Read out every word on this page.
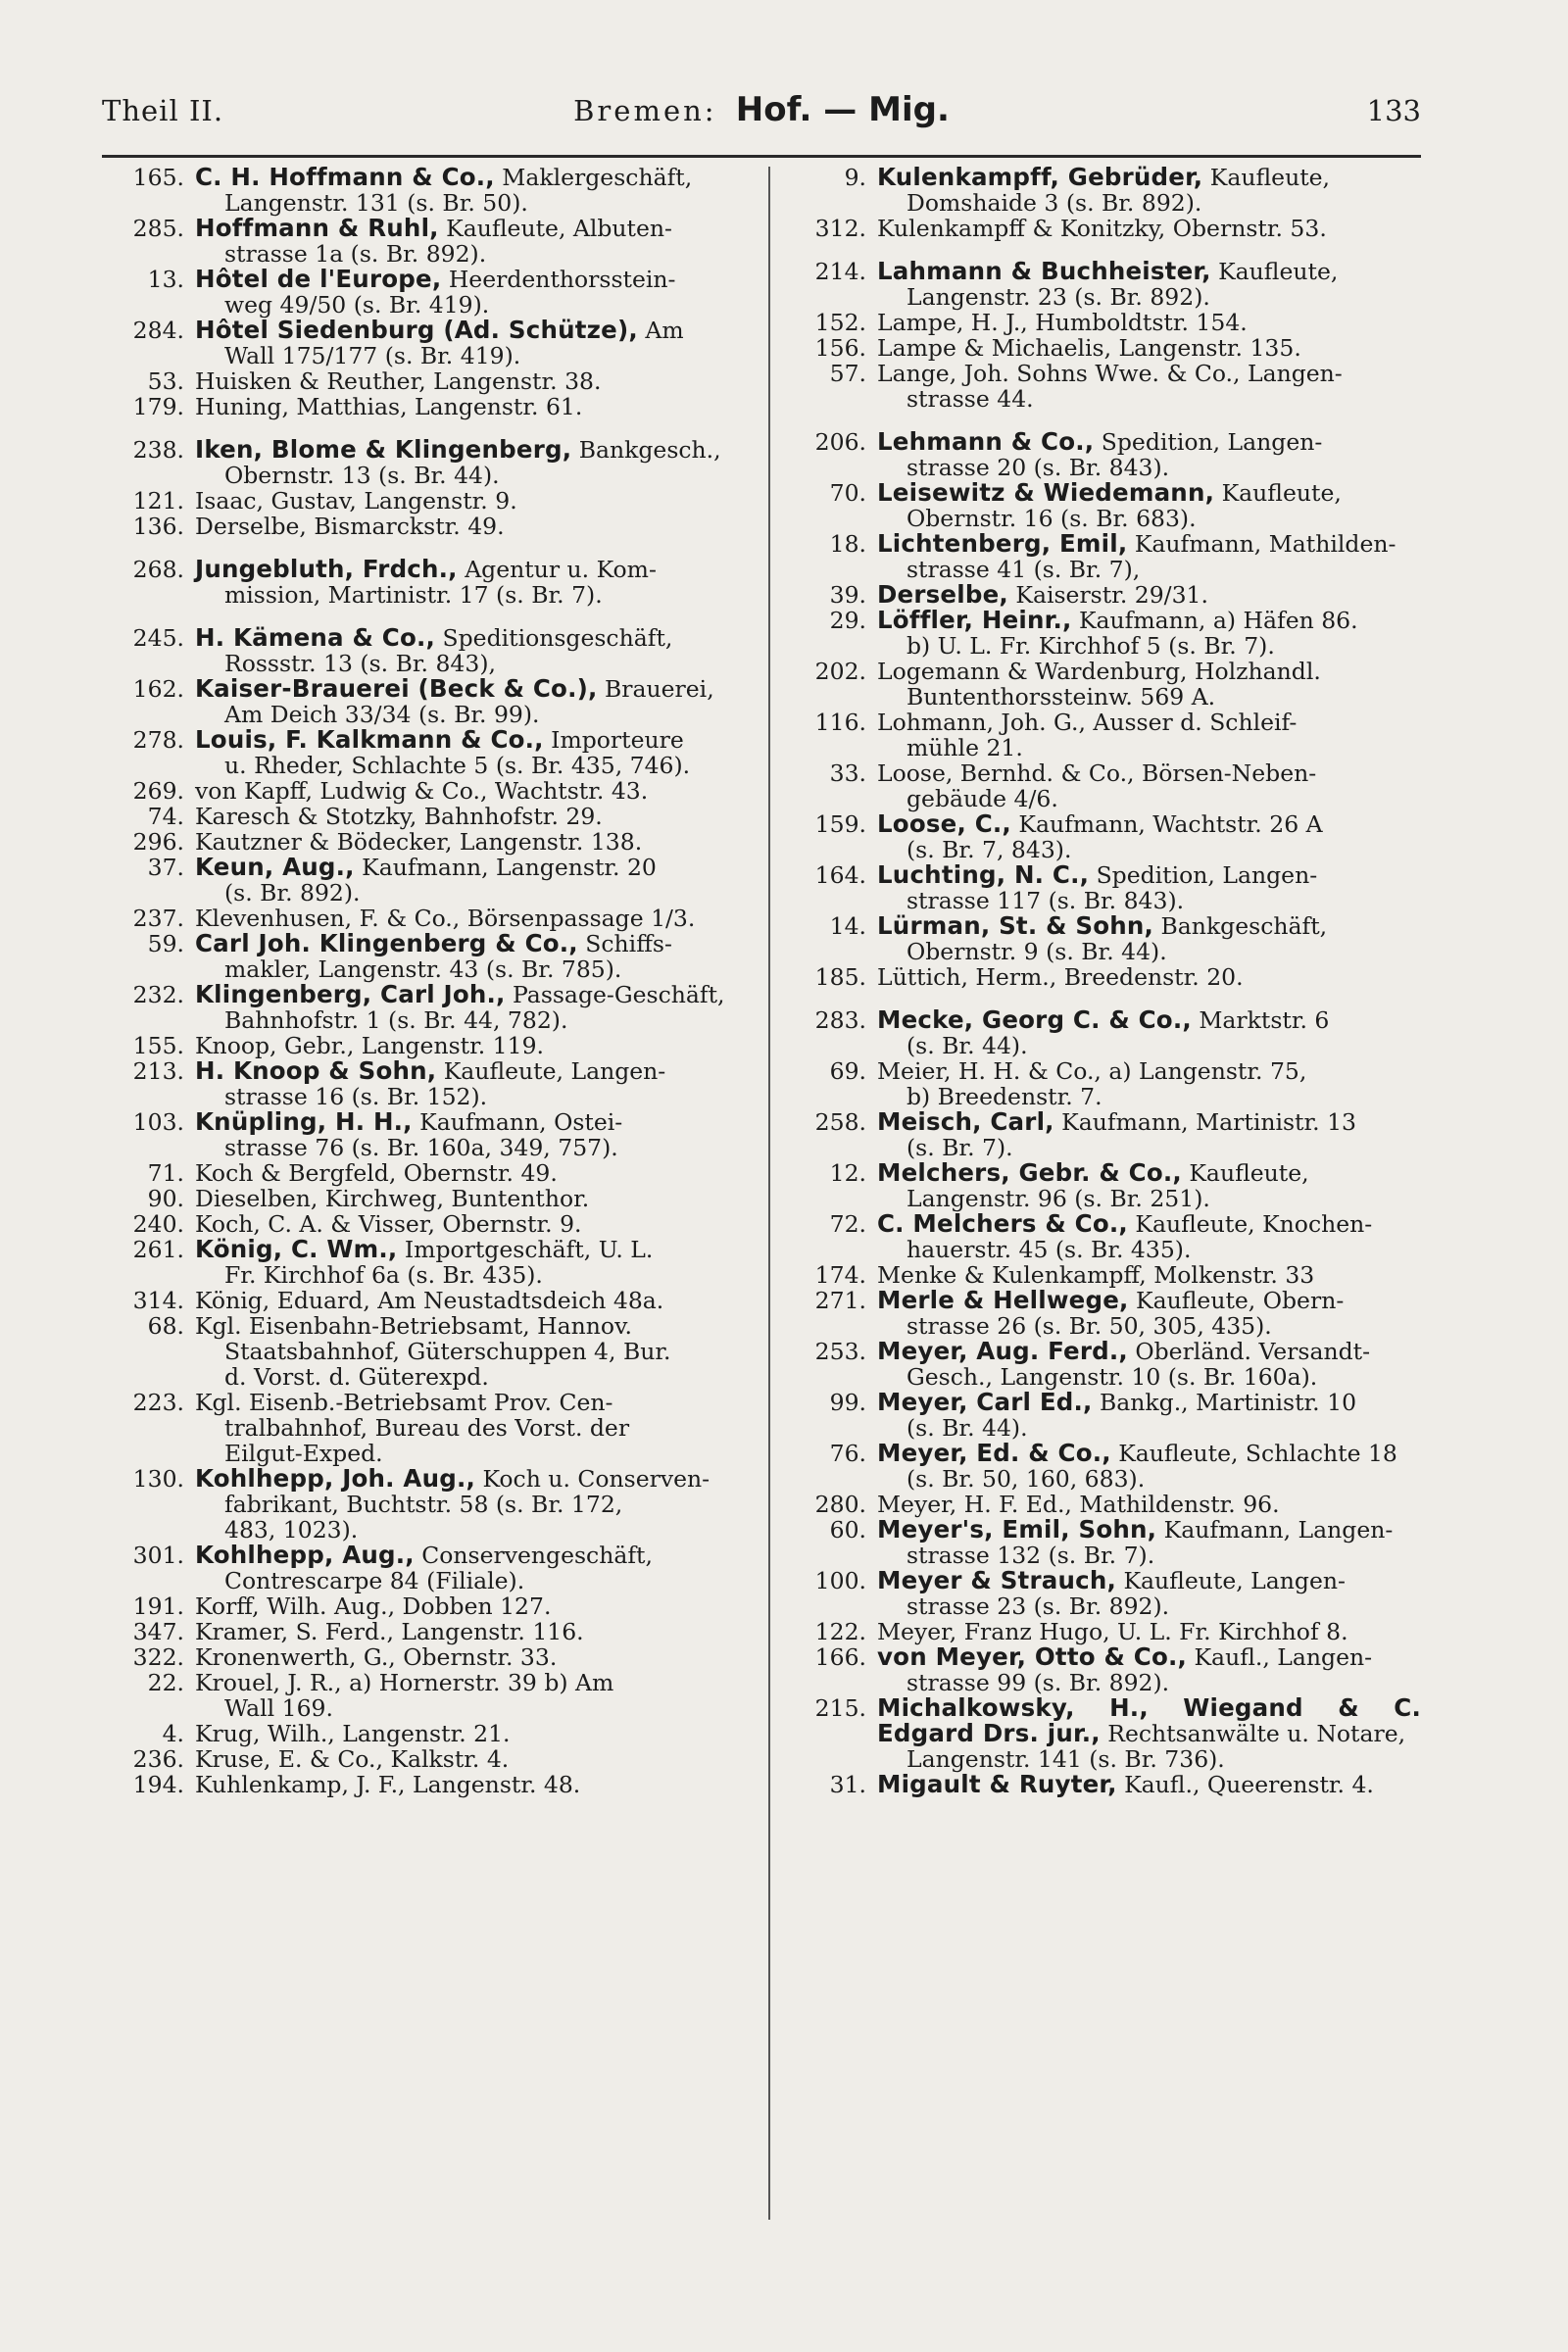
Theil II.	Bremen: Hof. — Mig.	133
165. C. H. Hoffmann & Co., Maklergeschäft,
Langenstr. 131 (s. Br. 50).
285. Hoffmann & Ruhl, Kaufleute, Albuten-
strasse 1a (s. Br. 892).
13. Hôtel de l'Europe, Heerdenthorsstein-
weg 49/50 (s. Br. 419).
284. Hôtel Siedenburg (Ad. Schütze), Am
Wall 175/177 (s. Br. 419).
53. Huisken & Reuther, Langenstr. 38.
179. Huning, Matthias, Langenstr. 61.
238. Iken, Blome & Klingenberg, Bankgesch.,
Obernstr. 13 (s. Br. 44).
121. Isaac, Gustav, Langenstr. 9.
136. Derselbe, Bismarckstr. 49.
268. Jungebluth, Frdch., Agentur u. Kom-
mission, Martinistr. 17 (s. Br. 7).
245. H. Kämena & Co., Speditionsgeschäft,
Rossstr. 13 (s. Br. 843),
162. Kaiser-Brauerei (Beck & Co.), Brauerei,
Am Deich 33/34 (s. Br. 99).
278. Louis, F. Kalkmann & Co., Importeure
u. Rheder, Schlachte 5 (s. Br. 435, 746).
269. von Kapff, Ludwig & Co., Wachtstr. 43.
74. Karesch & Stotzky, Bahnhofstr. 29.
296. Kautzner & Bödecker, Langenstr. 138.
37. Keun, Aug., Kaufmann, Langenstr. 20
(s. Br. 892).
237. Klevenhusen, F. & Co., Börsenpassage 1/3.
59. Carl Joh. Klingenberg & Co., Schiffs-
makler, Langenstr. 43 (s. Br. 785).
232. Klingenberg, Carl Joh., Passage-Geschäft,
Bahnhofstr. 1 (s. Br. 44, 782).
155. Knoop, Gebr., Langenstr. 119.
213. H. Knoop & Sohn, Kaufleute, Langen-
strasse 16 (s. Br. 152).
103. Knüpling, H. H., Kaufmann, Ostei-
strasse 76 (s. Br. 160a, 349, 757).
71. Koch & Bergfeld, Obernstr. 49.
90. Dieselben, Kirchweg, Buntenthor.
240. Koch, C. A. & Visser, Obernstr. 9.
261. König, C. Wm., Importgeschäft, U. L.
Fr. Kirchhof 6a (s. Br. 435).
314. König, Eduard, Am Neustadtsdeich 48a.
68. Kgl. Eisenbahn-Betriebsamt, Hannov.
Staatsbahnhof, Güterschuppen 4, Bur.
d. Vorst. d. Güterexpd.
223. Kgl. Eisenb.-Betriebsamt Prov. Cen-
tralbahnhof, Bureau des Vorst. der
Eilgut-Exped.
130. Kohlhepp, Joh. Aug., Koch u. Conserven-
fabrikant, Buchtstr. 58 (s. Br. 172,
483, 1023).
301. Kohlhepp, Aug., Conservengeschäft,
Contrescarpe 84 (Filiale).
191. Korff, Wilh. Aug., Dobben 127.
347. Kramer, S. Ferd., Langenstr. 116.
322. Kronenwerth, G., Obernstr. 33.
22. Krouel, J. R., a) Hornerstr. 39 b) Am
Wall 169.
4. Krug, Wilh., Langenstr. 21.
236. Kruse, E. & Co., Kalkstr. 4.
194. Kuhlenkamp, J. F., Langenstr. 48.
9. Kulenkampff, Gebrüder, Kaufleute,
Domshaide 3 (s. Br. 892).
312. Kulenkampff & Konitzky, Obernstr. 53.
214. Lahmann & Buchheister, Kaufleute,
Langenstr. 23 (s. Br. 892).
152. Lampe, H. J., Humboldtstr. 154.
156. Lampe & Michaelis, Langenstr. 135.
57. Lange, Joh. Sohns Wwe. & Co., Langen-
strasse 44.
206. Lehmann & Co., Spedition, Langen-
strasse 20 (s. Br. 843).
70. Leisewitz & Wiedemann, Kaufleute,
Obernstr. 16 (s. Br. 683).
18. Lichtenberg, Emil, Kaufmann, Mathilden-
strasse 41 (s. Br. 7),
39. Derselbe, Kaiserstr. 29/31.
29. Löffler, Heinr., Kaufmann, a) Häfen 86.
b) U. L. Fr. Kirchhof 5 (s. Br. 7).
202. Logemann & Wardenburg, Holzhandl.
Buntenthorssteinw. 569 A.
116. Lohmann, Joh. G., Ausser d. Schleif-
mühle 21.
33. Loose, Bernhd. & Co., Börsen-Neben-
gebäude 4/6.
159. Loose, C., Kaufmann, Wachtstr. 26 A
(s. Br. 7, 843).
164. Luchting, N. C., Spedition, Langen-
strasse 117 (s. Br. 843).
14. Lürman, St. & Sohn, Bankgeschäft,
Obernstr. 9 (s. Br. 44).
185. Lüttich, Herm., Breedenstr. 20.
283. Mecke, Georg C. & Co., Marktstr. 6
(s. Br. 44).
69. Meier, H. H. & Co., a) Langenstr. 75,
b) Breedenstr. 7.
258. Meisch, Carl, Kaufmann, Martinistr. 13
(s. Br. 7).
12. Melchers, Gebr. & Co., Kaufleute,
Langenstr. 96 (s. Br. 251).
72. C. Melchers & Co., Kaufleute, Knochen-
hauerstr. 45 (s. Br. 435).
174. Menke & Kulenkampff, Molkenstr. 33
271. Merle & Hellwege, Kaufleute, Obern-
strasse 26 (s. Br. 50, 305, 435).
253. Meyer, Aug. Ferd., Oberländ. Versandt-
Gesch., Langenstr. 10 (s. Br. 160a).
99. Meyer, Carl Ed., Bankg., Martinistr. 10
(s. Br. 44).
76. Meyer, Ed. & Co., Kaufleute, Schlachte 18
(s. Br. 50, 160, 683).
280. Meyer, H. F. Ed., Mathildenstr. 96.
60. Meyer's, Emil, Sohn, Kaufmann, Langen-
strasse 132 (s. Br. 7).
100. Meyer & Strauch, Kaufleute, Langen-
strasse 23 (s. Br. 892).
122. Meyer, Franz Hugo, U. L. Fr. Kirchhof 8.
166. von Meyer, Otto & Co., Kaufl., Langen-
strasse 99 (s. Br. 892).
215. Michalkowsky, H., Wiegand & C. Edgard Drs. jur., Rechtsanwälte u. Notare,
Langenstr. 141 (s. Br. 736).
31. Migault & Ruyter, Kaufl., Queerenstr. 4.
